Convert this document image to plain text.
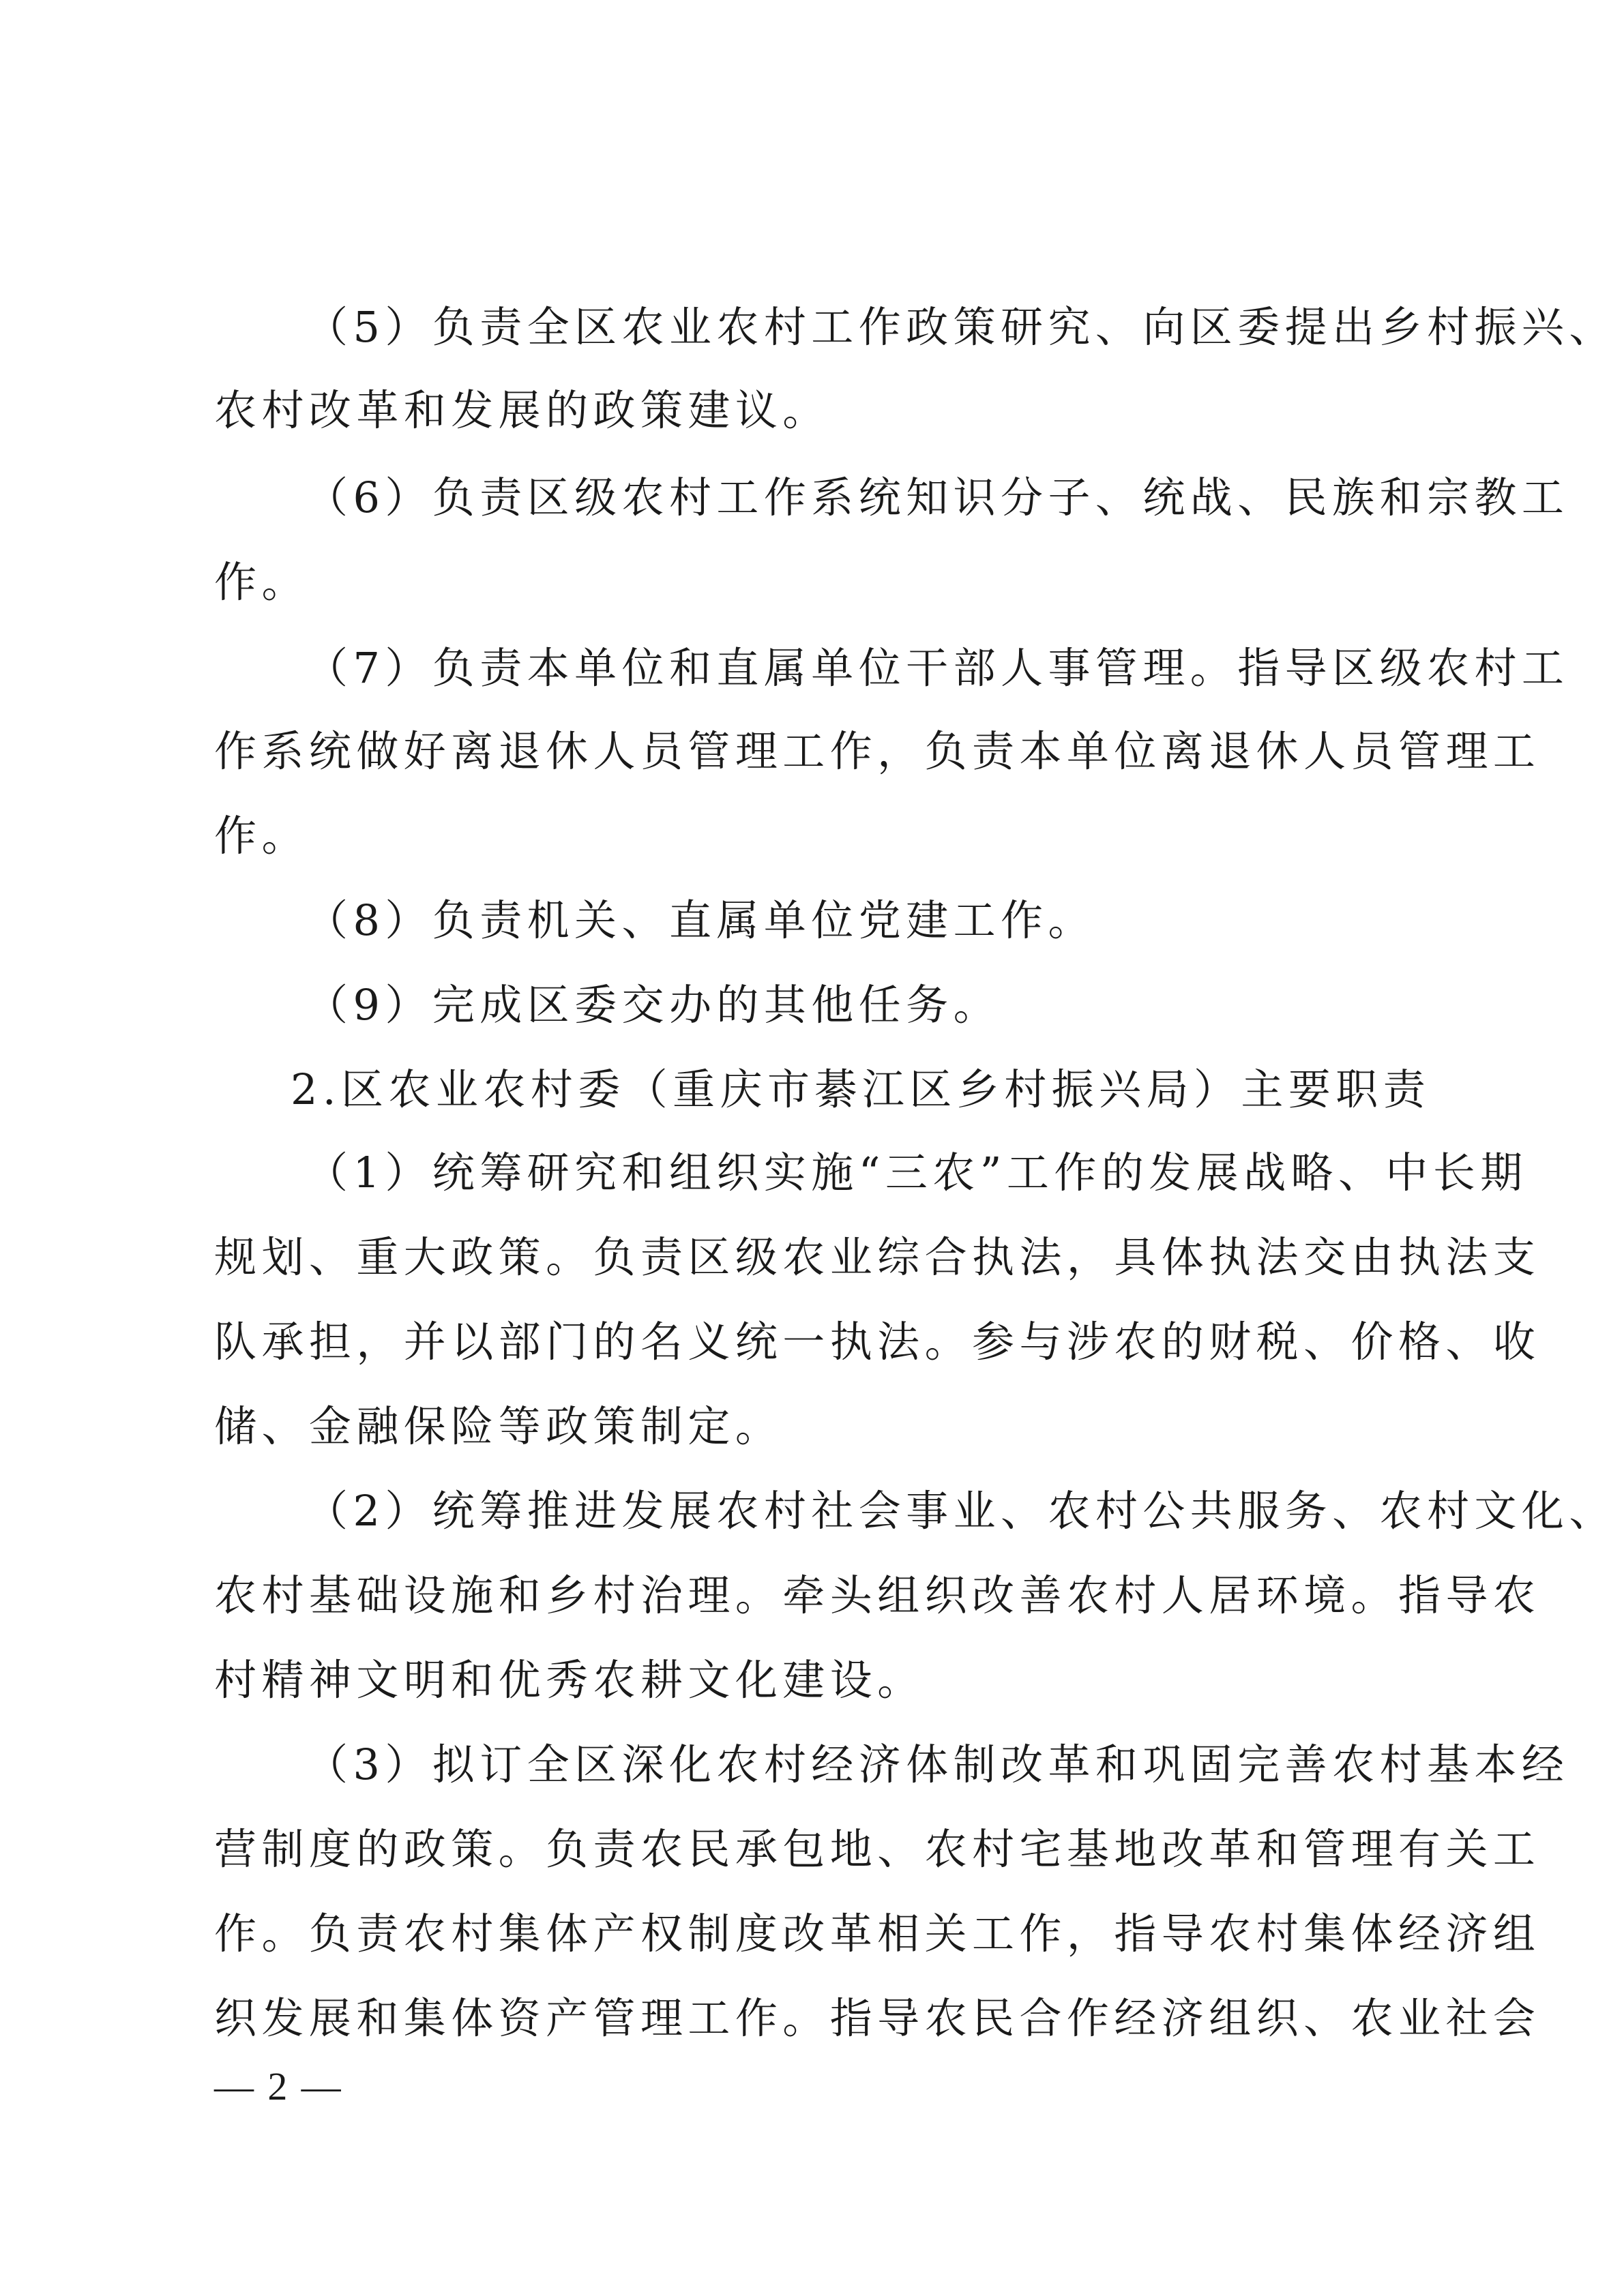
（5）负责全区农业农村工作政策研究、向区委提出乡村振兴、
农村改革和发展的政策建议。
（6）负责区级农村工作系统知识分子、统战、民族和宗教工
作。
（7）负责本单位和直属单位干部人事管理。指导区级农村工
作系统做好离退休人员管理工作，负责本单位离退休人员管理工
作。
（8）负责机关、直属单位党建工作。
（9）完成区委交办的其他任务。
2.区农业农村委（重庆市綦江区乡村振兴局）主要职责
（1）统筹研究和组织实施“三农”工作的发展战略、中长期
规划、重大政策。负责区级农业综合执法，具体执法交由执法支
队承担，并以部门的名义统一执法。参与涉农的财税、价格、收
储、金融保险等政策制定。
（2）统筹推进发展农村社会事业、农村公共服务、农村文化、
农村基础设施和乡村治理。牵头组织改善农村人居环境。指导农
村精神文明和优秀农耕文化建设。
（3）拟订全区深化农村经济体制改革和巩固完善农村基本经
营制度的政策。负责农民承包地、农村宅基地改革和管理有关工
作。负责农村集体产权制度改革相关工作，指导农村集体经济组
织发展和集体资产管理工作。指导农民合作经济组织、农业社会
— 2 —
